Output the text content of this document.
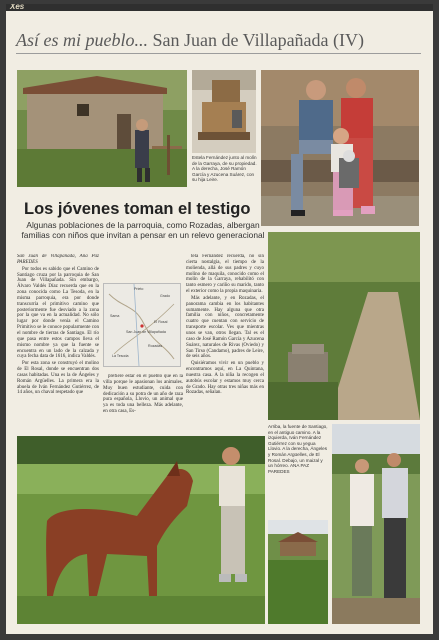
Xes
Así es mi pueblo... San Juan de Villapañada (IV)
Estela Fernández junto al molín de la Garraya, de su propiedad. A la derecha, José Ramón García y Azucena Suárez, con su hija Leire.
Los jóvenes toman el testigo
Algunas poblaciones de la parroquia, como Rozadas, albergan familias con niños que invitan a pensar en un relevo generacional

San Juan de Villapañada, Ana Paz PAREDES

Por todos es sabido que el Camino de Santiago cruza por la parroquia de San Juan de Villapañada. Sin embargo, Álvaro Valdés Díaz recuerda que en la zona conocida como La Tesoda, en la misma parroquia, era por donde transcurría el primitivo camino que posteriormente fue desviado a la zona por la que va en la actualidad. No sólo lugar por donde venía el Camino Primitivo se le conoce popularmente con el nombre de tierras de Santiago. El río que pasa entre estos campos lleva el mismo nombre ya que la fuente se encuentra en un lado de la calzada y cuya fecha data de 1616, indica Valdés.

Por esta zona se construyó el molino de El Rosal, donde se encuentran dos casas habitadas. Una es la de Ángeles y Román Argüelles. La primera era la abuela de Iván Fernández Gutiérrez, de 14 años, un chaval respetado que

Prieto
San Juan de Villapañada
Grado
Sama
El Rosal
Rozadas
La Tesoda

prefiere estar en el pueblo que en la villa porque le apasionan los animales. Muy buen estudiante, cuida con dedicación a su potra de un año de raza pura española, Llovio, un animal que ya es toda una belleza. Más adelante, en otra casa, Es-

tela Fernández recuerda, no sin cierta nostalgia, el tiempo de la molienda, allá de sus padres y cuyo molino de maquila, conocido como el molín de la Garraya, rehabilitó con tanto esmero y cariño su marido, tanto el exterior como la propia maquinaria.

Más adelante, y en Rozadas, el panorama cambia en los habitantes sumamente. Hay alguna que otra familia con niños, concretamente cuatro que cuentan con servicio de transporte escolar. Ves que mientras unos se van, otros llegan. Tal es el caso de José Ramón García y Azucena Suárez, naturales de Rivas (Oviedo) y San Tirso (Candamo), padres de Leire, de seis años.

Quisiéramos vivir en un pueblo y encontramos aquí, en La Quintana, nuestra casa. A la niña la recogen el autobús escolar y estamos muy cerca de Grado. Hay otras tres niñas más en Rozadas, señalan.

Arriba, la fuente de Santiago, en el antiguo camino. A la izquierda, Iván Fernández Gutiérrez con su yegua Llovio. A la derecha, Ángeles y Román Argüelles, de El Rosal. Debajo, un maizal y un hórreo. ANA PAZ PAREDES
